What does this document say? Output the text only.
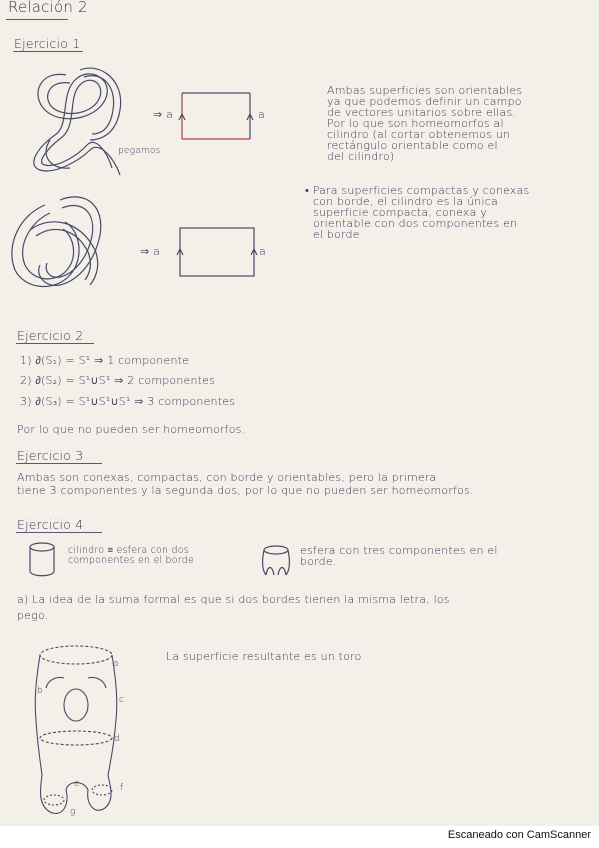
Relación 2
Ejercicio 1
pegamos
⇒ a	a
⇒ a	a
Ambas superficies son orientables
ya que podemos definir un campo
de vectores unitarios sobre ellas.
Por lo que son homeomorfos al
cilindro (al cortar obtenemos un
rectángulo orientable como el
del cilindro)
• Para superficies compactas y conexas
con borde, el cilindro es la única
superficie compacta, conexa y
orientable con dos componentes en
el borde
Ejercicio 2
1) ∂(S₁) = S¹ ⇒ 1 componente
2) ∂(S₂) = S¹∪S¹ ⇒ 2 componentes
3) ∂(S₃) = S¹∪S¹∪S¹ ⇒ 3 componentes
Por lo que no pueden ser homeomorfos.
Ejercicio 3
Ambas son conexas, compactas, con borde y orientables, pero la primera
tiene 3 componentes y la segunda dos, por lo que no pueden ser homeomorfos.
Ejercicio 4
cilindro ≡ esfera con dos
componentes en el borde
esfera con tres componentes en el
borde.
a) La idea de la suma formal es que si dos bordes tienen la misma letra, los
pego.
La superficie resultante es un toro
a
b
c
d
e	f
g
Escaneado con CamScanner
